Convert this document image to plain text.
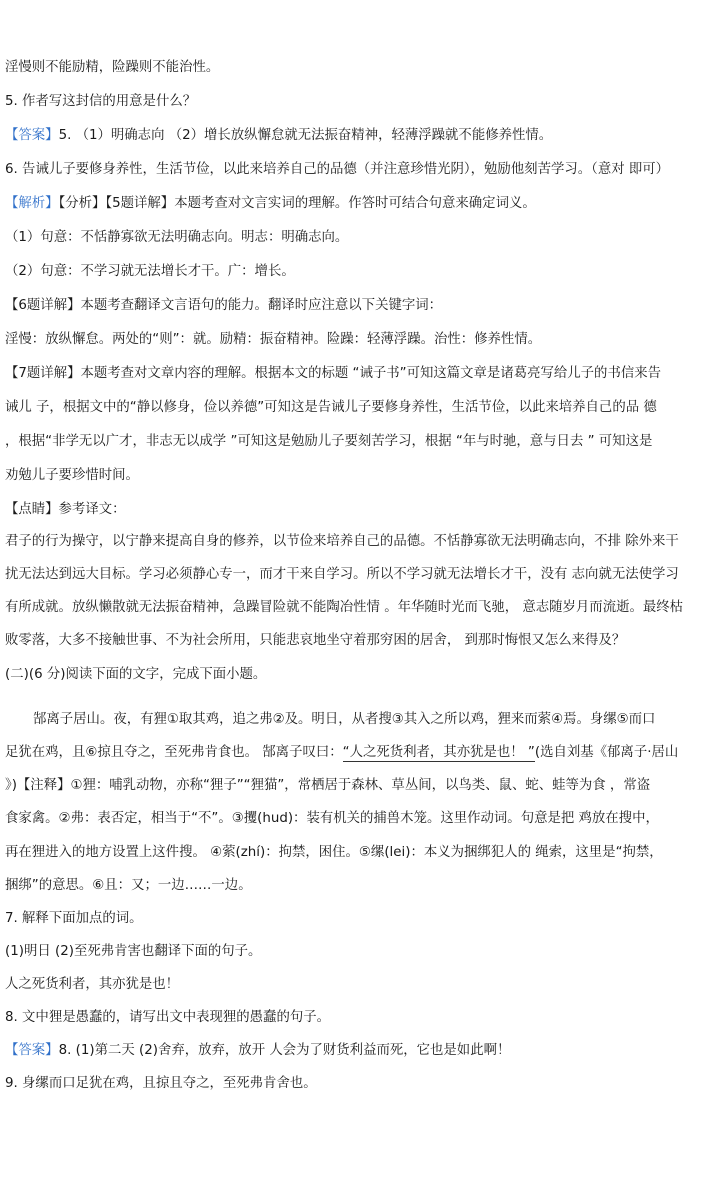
淫慢则不能励精，险躁则不能治性。
5. 作者写这封信的用意是什么？
【答案】5. （1）明确志向 （2）增长放纵懈怠就无法振奋精神，轻薄浮躁就不能修养性情。
6. 告诫儿子要修身养性，生活节俭，以此来培养自己的品德（并注意珍惜光阴），勉励他刻苦学习。（意对 即可）
【解析】【分析】【5题详解】本题考查对文言实词的理解。作答时可结合句意来确定词义。
（1）句意：不恬静寡欲无法明确志向。明志：明确志向。
（2）句意：不学习就无法增长才干。广：增长。
【6题详解】本题考查翻译文言语句的能力。翻译时应注意以下关键字词：
淫慢：放纵懈怠。两处的“则”：就。励精：振奋精神。险躁：轻薄浮躁。治性：修养性情。
【7题详解】本题考查对文章内容的理解。根据本文的标题 “诫子书”可知这篇文章是诸葛亮写给儿子的书信来告
诫儿 子，根据文中的“静以修身，俭以养德”可知这是告诫儿子要修身养性，生活节俭，以此来培养自己的品 德
，根据“非学无以广才，非志无以成学 ”可知这是勉励儿子要刻苦学习，根据 “年与时驰，意与日去 ” 可知这是
劝勉儿子要珍惜时间。
【点睛】参考译文：
君子的行为操守，以宁静来提高自身的修养，以节俭来培养自己的品德。不恬静寡欲无法明确志向，不排 除外来干
扰无法达到远大目标。学习必须静心专一，而才干来自学习。所以不学习就无法增长才干，没有 志向就无法使学习
有所成就。放纵懒散就无法振奋精神，急躁冒险就不能陶冶性情 。年华随时光而飞驰， 意志随岁月而流逝。最终枯
败零落，大多不接触世事、不为社会所用，只能悲哀地坐守着那穷困的居舍， 到那时悔恨又怎么来得及？
(二)(6 分)阅读下面的文字，完成下面小题。
郜离子居山。夜，有狸①取其鸡，追之弗②及。明日，从者搜③其入之所以鸡，狸来而萦④焉。身缧⑤而口
足犹在鸡，且⑥掠且夺之，至死弗肯食也。 郜离子叹曰：“人之死货利者，其亦犹是也！ ”(选自刘基《郁离子·居山
》)【注释】①狸：哺乳动物，亦称“狸子”“狸猫”，常栖居于森林、草丛间，以鸟类、鼠、蛇、蛙等为食 ，常盗
食家禽。②弗：表否定，相当于“不”。③攫(hud)：装有机关的捕兽木笼。这里作动词。句意是把 鸡放在搜中，
再在狸进入的地方设置上这件搜。 ④萦(zhí)：拘禁，困住。⑤缧(lei)：本义为捆绑犯人的 绳索，这里是“拘禁，
捆绑”的意思。⑥且：又；一边……一边。
7. 解释下面加点的词。
(1)明日 (2)至死弗肯害也翻译下面的句子。
人之死货利者，其亦犹是也！
8. 文中狸是愚蠢的，请写出文中表现狸的愚蠢的句子。
【答案】8. (1)第二天 (2)舍弃，放弃，放开 人会为了财货利益而死，它也是如此啊！
9. 身缧而口足犹在鸡，且掠且夺之，至死弗肯舍也。
